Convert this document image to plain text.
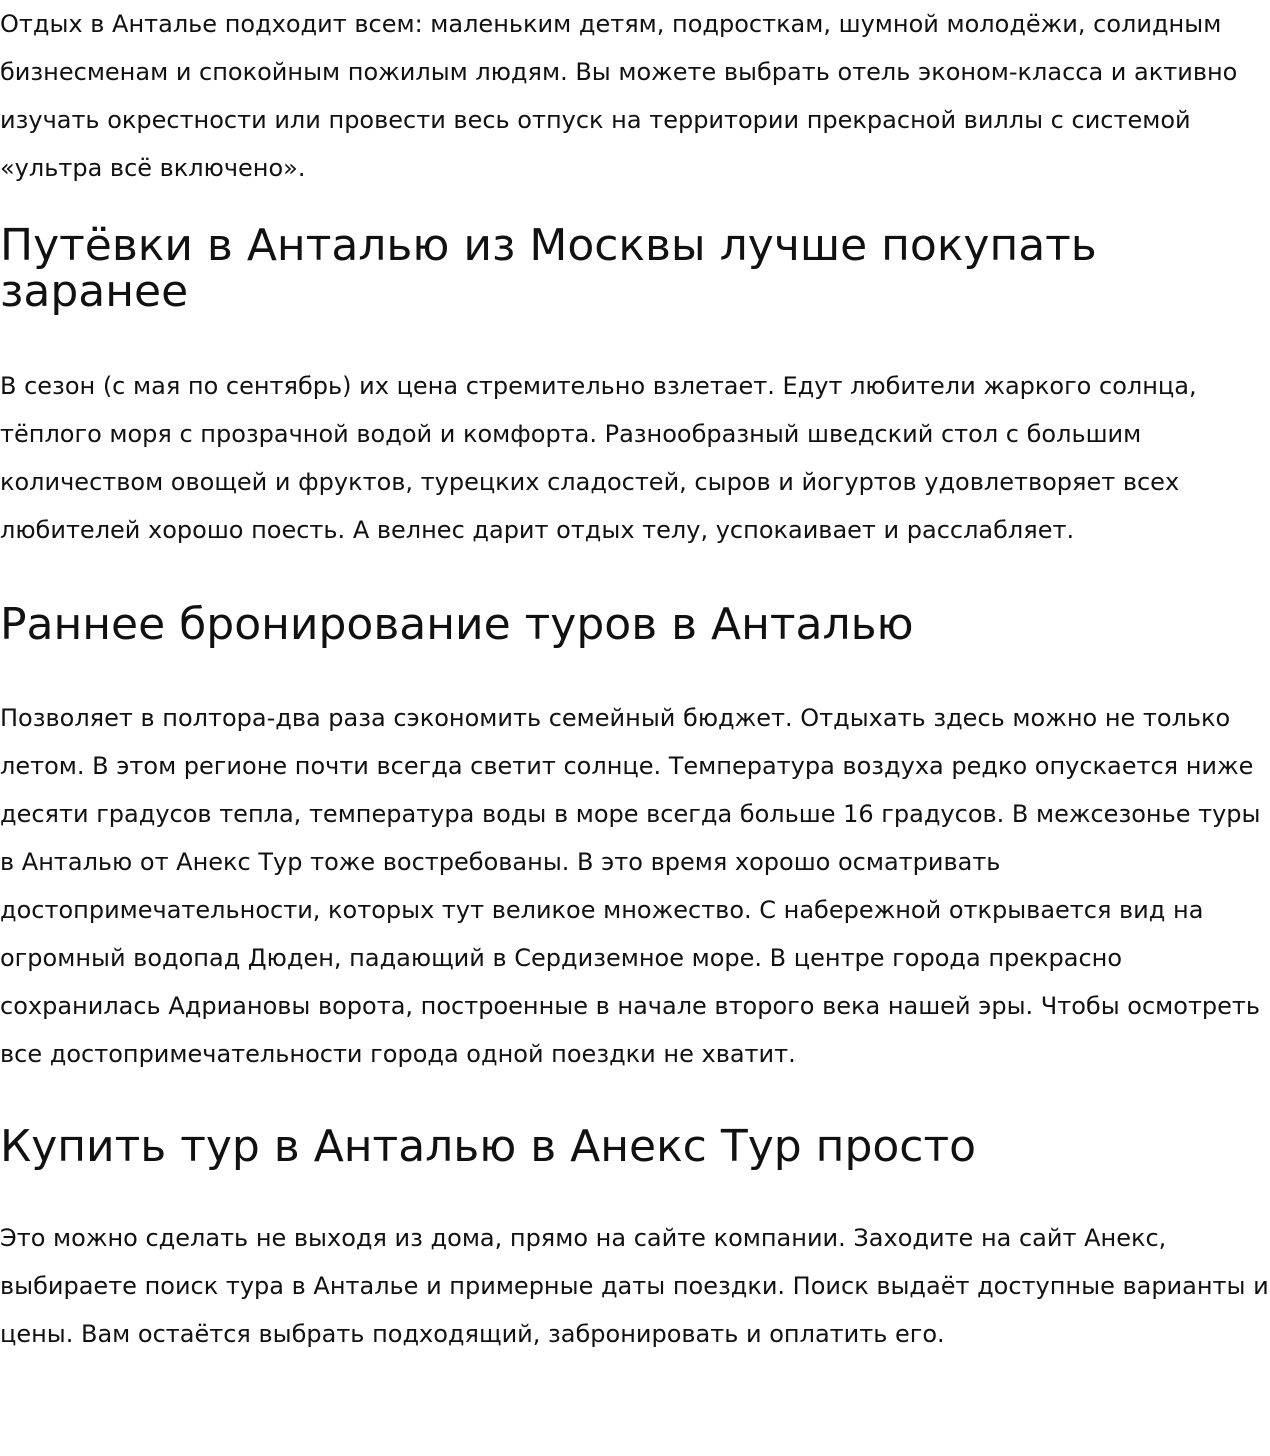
Отдых в Анталье подходит всем: маленьким детям, подросткам, шумной молодёжи, солидным бизнесменам и спокойным пожилым людям. Вы можете выбрать отель эконом-класса и активно изучать окрестности или провести весь отпуск на территории прекрасной виллы с системой «ультра всё включено».

Путёвки в Анталью из Москвы лучше покупать заранее

В сезон (с мая по сентябрь) их цена стремительно взлетает. Едут любители жаркого солнца, тёплого моря с прозрачной водой и комфорта. Разнообразный шведский стол с большим количеством овощей и фруктов, турецких сладостей, сыров и йогуртов удовлетворяет всех любителей хорошо поесть. А велнес дарит отдых телу, успокаивает и расслабляет.

Раннее бронирование туров в Анталью

Позволяет в полтора-два раза сэкономить семейный бюджет. Отдыхать здесь можно не только летом. В этом регионе почти всегда светит солнце. Температура воздуха редко опускается ниже десяти градусов тепла, температура воды в море всегда больше 16 градусов. В межсезонье туры в Анталью от Анекс Тур тоже востребованы. В это время хорошо осматривать достопримечательности, которых тут великое множество. С набережной открывается вид на огромный водопад Дюден, падающий в Сердиземное море. В центре города прекрасно сохранилась Адриановы ворота, построенные в начале второго века нашей эры. Чтобы осмотреть все достопримечательности города одной поездки не хватит.

Купить тур в Анталью в Анекс Тур просто

Это можно сделать не выходя из дома, прямо на сайте компании. Заходите на сайт Анекс, выбираете поиск тура в Анталье и примерные даты поездки. Поиск выдаёт доступные варианты и цены. Вам остаётся выбрать подходящий, забронировать и оплатить его.
